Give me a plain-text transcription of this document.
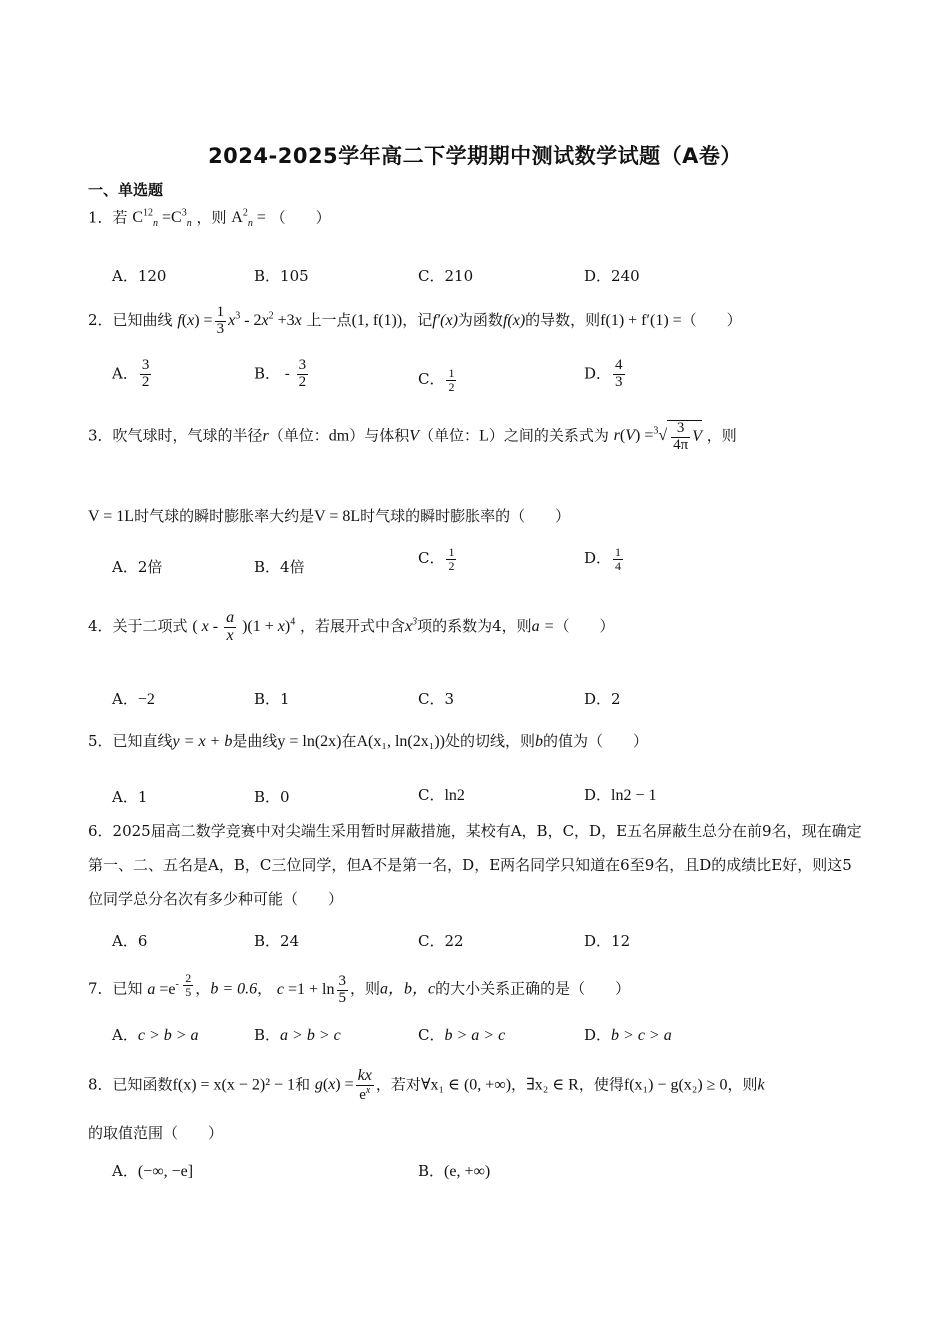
2024-2025学年高二下学期期中测试数学试题（A卷）
一、单选题
1．若 $C^{12}_n =C^3_n$ ，则 $A^2_n$ = （　　）
A．120	B．105	C．210	D．240
2．已知曲线 $f(x) = \frac{1}{3} x^3 - 2x^2 +3x$ 上一点(1, f(1))，记f′(x)为函数f(x)的导数，则f(1) + f′(1) =（　　）
A． $\frac{3}{2}$	B． - $\frac{3}{2}$	C． $\frac{1}{2}$	D． $\frac{4}{3}$
3．吹气球时，气球的半径r（单位：dm）与体积V（单位：L）之间的关系式为 $r(V) =^3√ \frac{3}{4\pi}$ V ，则
V = 1L时气球的瞬时膨胀率大约是V = 8L时气球的瞬时膨胀率的（　　）
A．2倍	B．4倍	C． $\frac{1}{2}$	D． $\frac{1}{4}$
4．关于二项式 ( $x - \frac{a}{x} )(1 + x)^4$ ，若展开式中含$x^3$项的系数为4，则a =（　　）
A．−2	B．1	C．3	D．2
5．已知直线y = x + b是曲线y = ln(2x)在A(x₁, ln(2x₁))处的切线，则b的值为（　　）
A．1	B．0	C．ln2	D．ln2 − 1
6．2025届高二数学竞赛中对尖端生采用暂时屏蔽措施，某校有A，B，C，D，E五名屏蔽生总分在前9名，现在确定第一、二、五名是A，B，C三位同学，但A不是第一名，D，E两名同学只知道在6至9名，且D的成绩比E好，则这5位同学总分名次有多少种可能（　　）
A．6	B．24	C．22	D．12
7．已知 $a =e^{- \frac{2}{5}}$ ，b = 0.6， $c =1 + \ln \frac{3}{5}$ ，则a，b，c的大小关系正确的是（　　）
A．c > b > a	B．a > b > c	C．b > a > c	D．b > c > a
8．已知函数f(x) = x(x − 2)² − 1和 $g(x) = \frac{kx}{e^x}$ ，若对∀x₁ ∈ (0, +∞)，∃x₂ ∈ R，使得f(x₁) − g(x₂) ≥ 0，则k
的取值范围（　　）
A．(−∞, −e]	B．(e, +∞)
